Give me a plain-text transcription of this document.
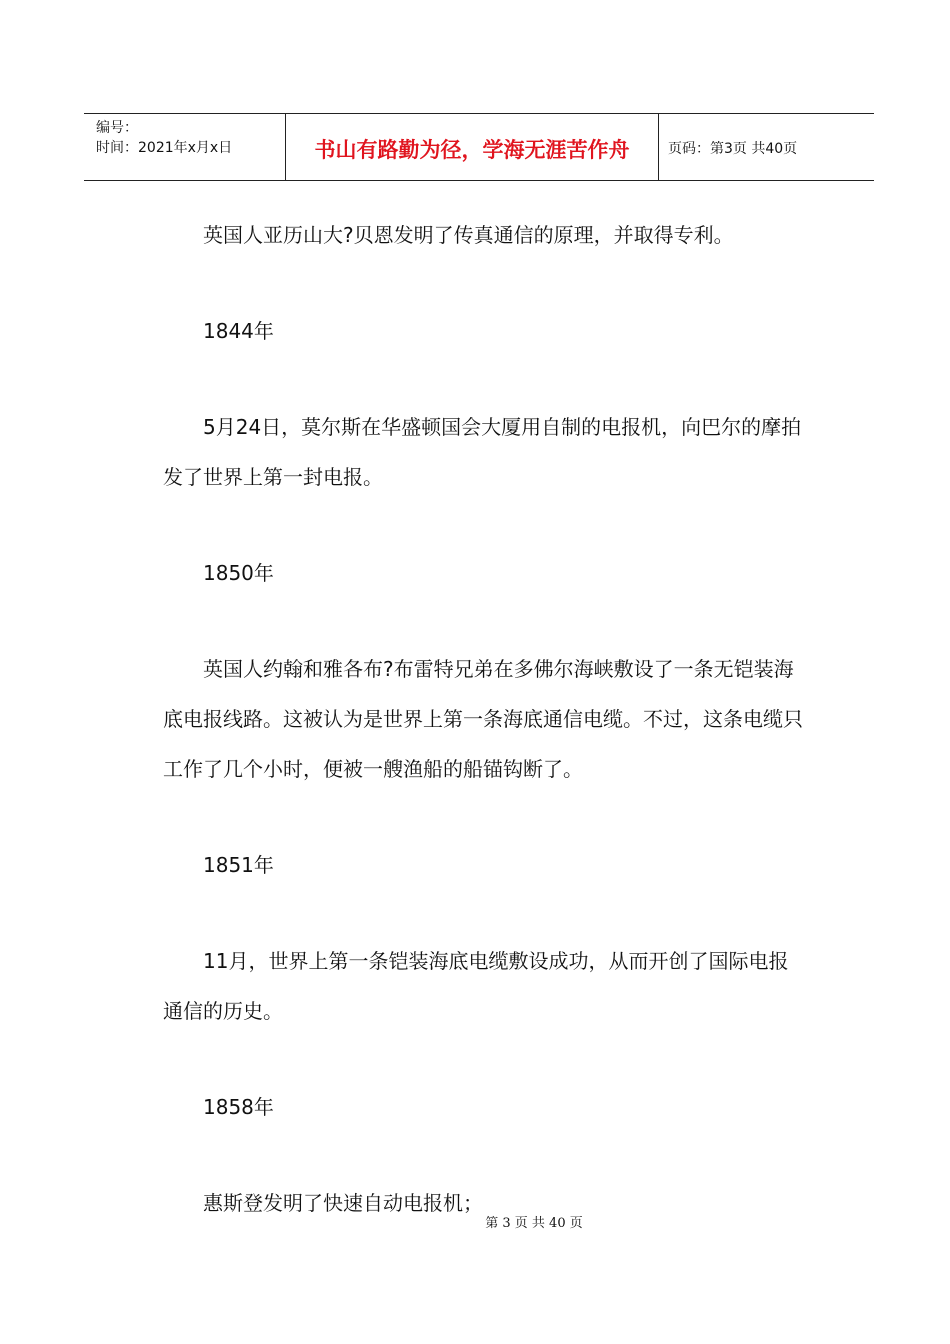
编号：
时间：2021年x月x日	书山有路勤为径，学海无涯苦作舟	页码：第3页 共40页

英国人亚历山大?贝恩发明了传真通信的原理，并取得专利。

1844年

5月24日，莫尔斯在华盛顿国会大厦用自制的电报机，向巴尔的摩拍发了世界上第一封电报。

1850年

英国人约翰和雅各布?布雷特兄弟在多佛尔海峡敷设了一条无铠装海底电报线路。这被认为是世界上第一条海底通信电缆。不过，这条电缆只工作了几个小时，便被一艘渔船的船锚钩断了。

1851年

11月，世界上第一条铠装海底电缆敷设成功，从而开创了国际电报通信的历史。

1858年

惠斯登发明了快速自动电报机；

第 3 页 共 40 页
